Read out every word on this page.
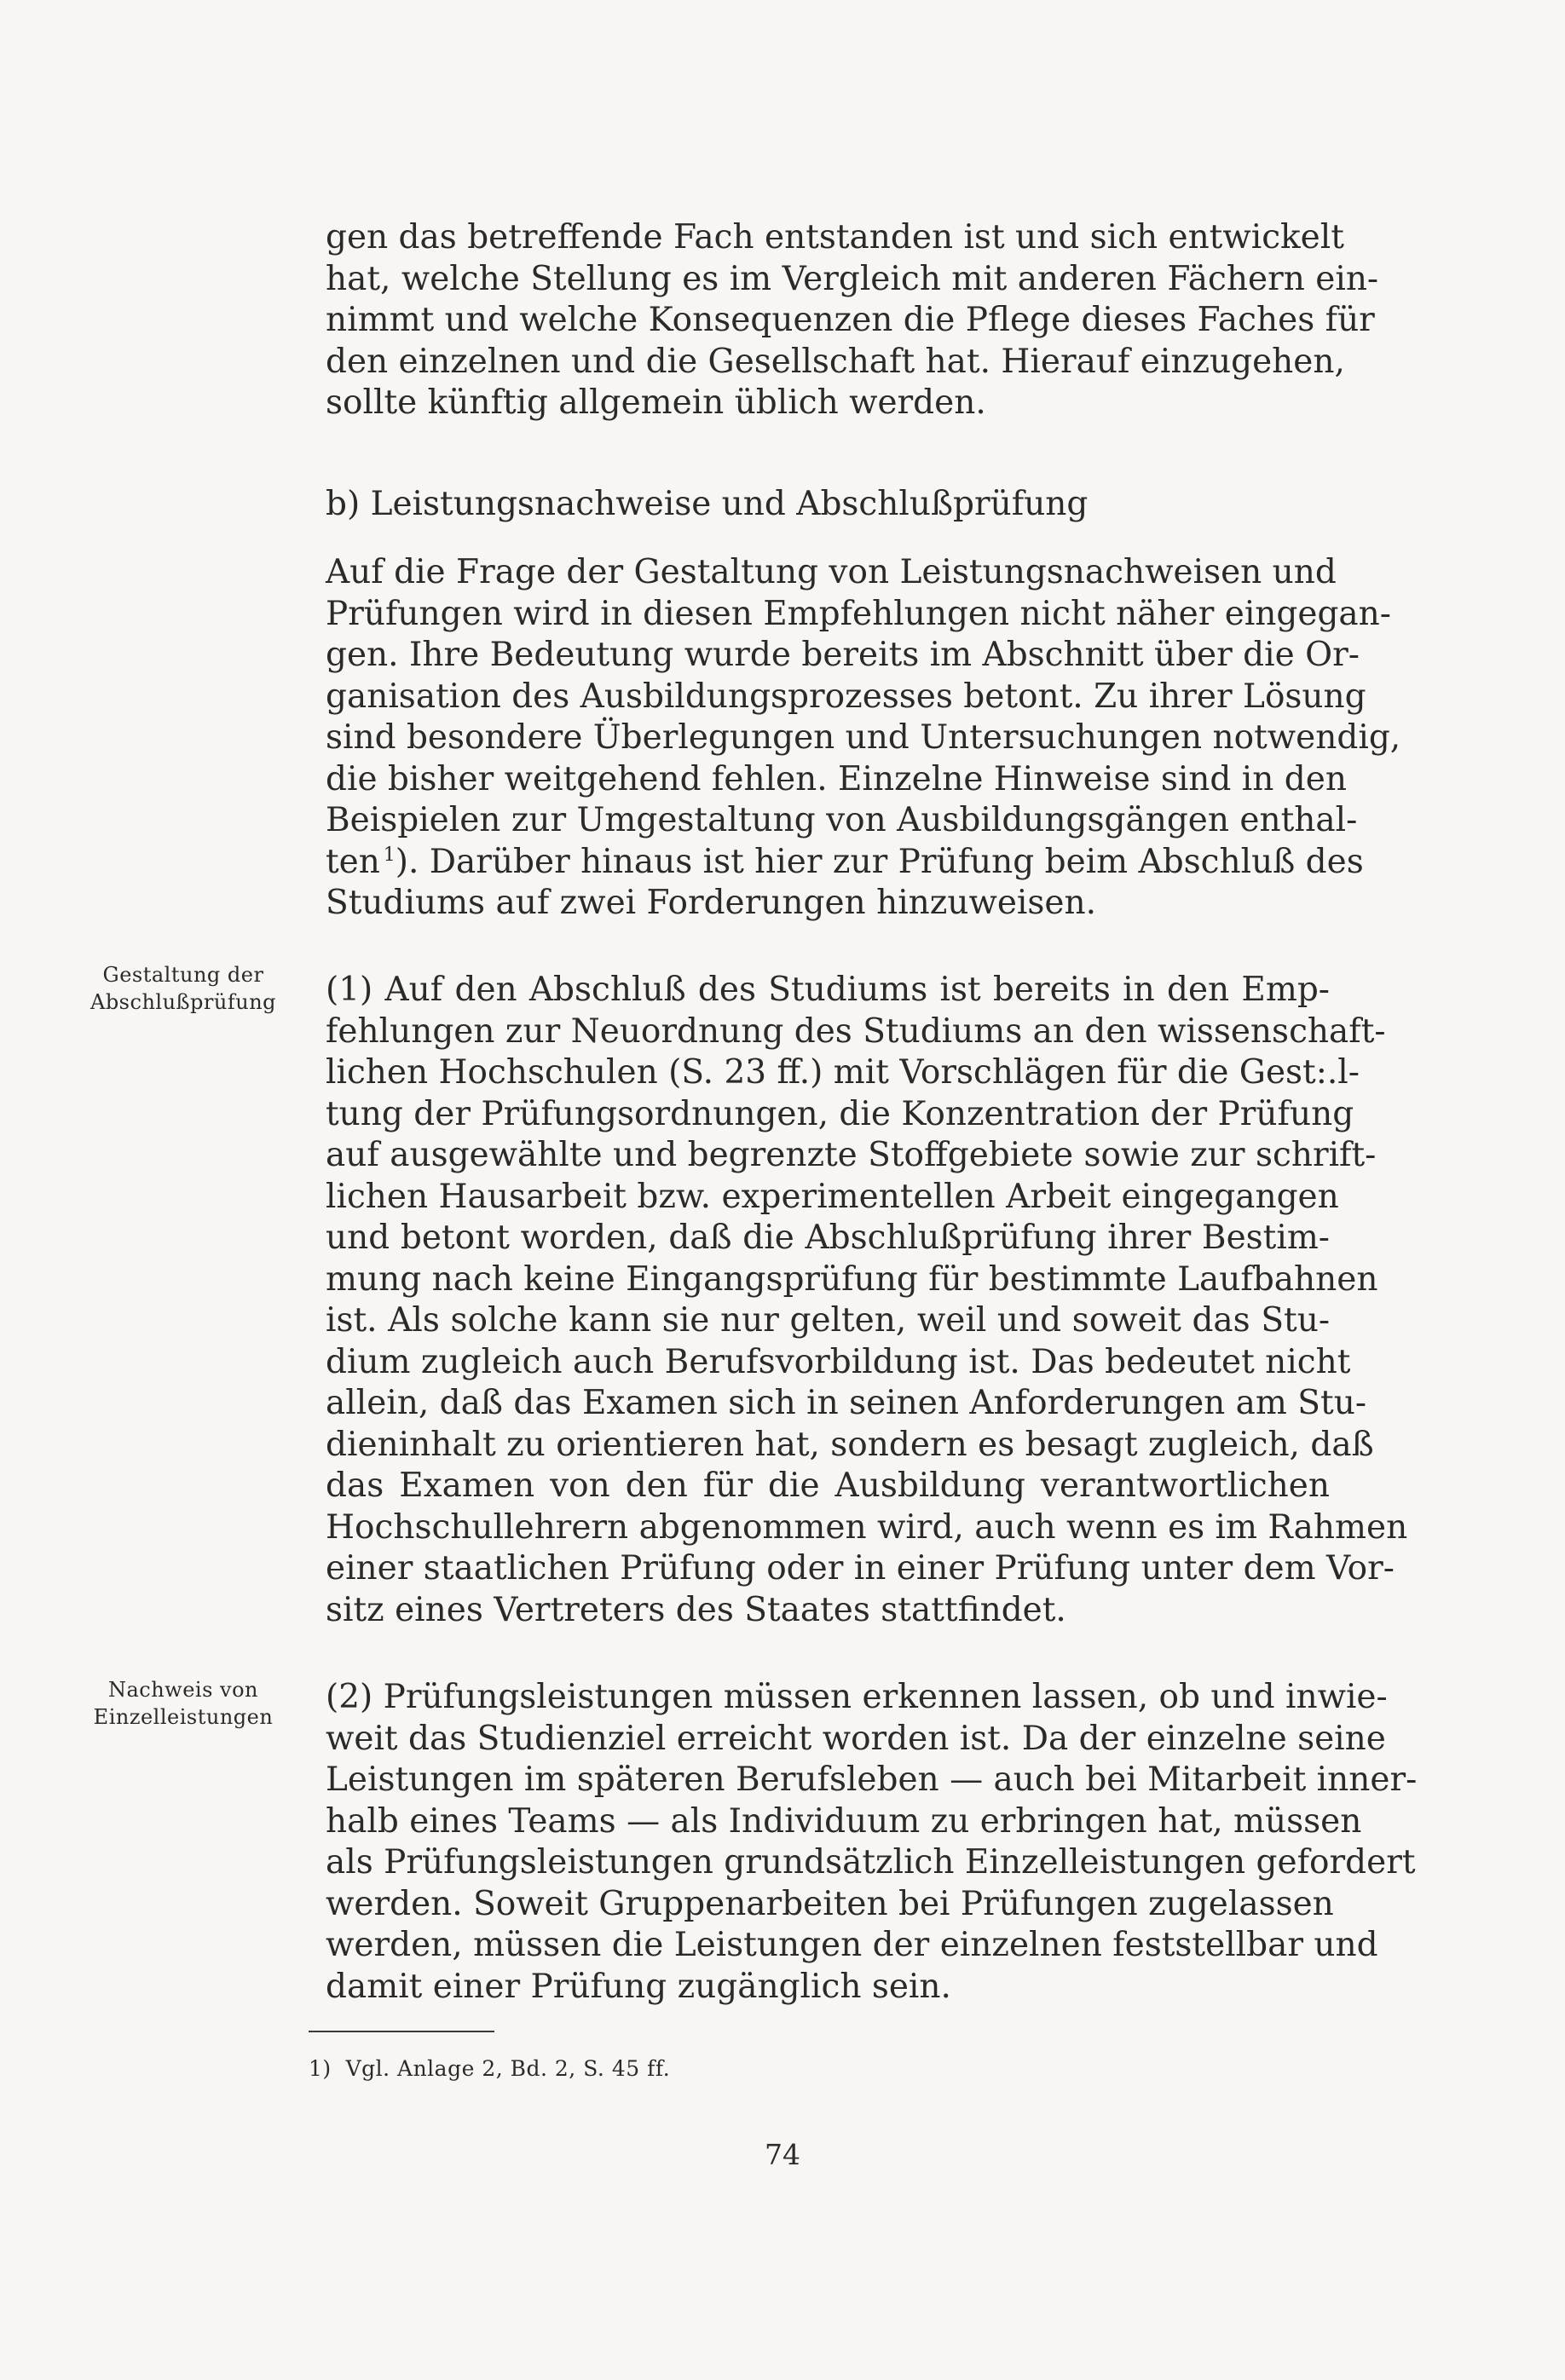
gen das betreffende Fach entstanden ist und sich entwickelt
hat, welche Stellung es im Vergleich mit anderen Fächern ein-
nimmt und welche Konsequenzen die Pflege dieses Faches für
den einzelnen und die Gesellschaft hat. Hierauf einzugehen,
sollte künftig allgemein üblich werden.
b) Leistungsnachweise und Abschlußprüfung
Auf die Frage der Gestaltung von Leistungsnachweisen und
Prüfungen wird in diesen Empfehlungen nicht näher eingegan-
gen. Ihre Bedeutung wurde bereits im Abschnitt über die Or-
ganisation des Ausbildungsprozesses betont. Zu ihrer Lösung
sind besondere Überlegungen und Untersuchungen notwendig,
die bisher weitgehend fehlen. Einzelne Hinweise sind in den
Beispielen zur Umgestaltung von Ausbildungsgängen enthal-
ten  $^1$). Darüber hinaus ist hier zur Prüfung beim Abschluß des
Studiums auf zwei Forderungen hinzuweisen.
Gestaltung der
Abschlußprüfung (1) Auf den Abschluß des Studiums ist bereits in den Emp-
fehlungen zur Neuordnung des Studiums an den wissenschaft-
lichen Hochschulen (S. 23 ff.) mit Vorschlägen für die Gest:.l-
tung der Prüfungsordnungen, die Konzentration der Prüfung
auf ausgewählte und begrenzte Stoffgebiete sowie zur schrift-
lichen Hausarbeit bzw. experimentellen Arbeit eingegangen
und betont worden, daß die Abschlußprüfung ihrer Bestim-
mung nach keine Eingangsprüfung für bestimmte Laufbahnen
ist. Als solche kann sie nur gelten, weil und soweit das Stu-
dium zugleich auch Berufsvorbildung ist. Das bedeutet nicht
allein, daß das Examen sich in seinen Anforderungen am Stu-
dieninhalt zu orientieren hat, sondern es besagt zugleich, daß
das Examen von den für die Ausbildung verantwortlichen
Hochschullehrern abgenommen wird, auch wenn es im Rahmen
einer staatlichen Prüfung oder in einer Prüfung unter dem Vor-
sitz eines Vertreters des Staates stattfindet.
Nachweis von
Einzelleistungen
(2) Prüfungsleistungen müssen erkennen lassen, ob und inwie-
weit das Studienziel erreicht worden ist. Da der einzelne seine
Leistungen im späteren Berufsleben — auch bei Mitarbeit inner-
halb eines Teams — als Individuum zu erbringen hat, müssen
als Prüfungsleistungen grundsätzlich Einzelleistungen gefordert
werden. Soweit Gruppenarbeiten bei Prüfungen zugelassen
werden, müssen die Leistungen der einzelnen feststellbar und
damit einer Prüfung zugänglich sein.
1) Vgl. Anlage 2, Bd. 2, S. 45 ff.
74
